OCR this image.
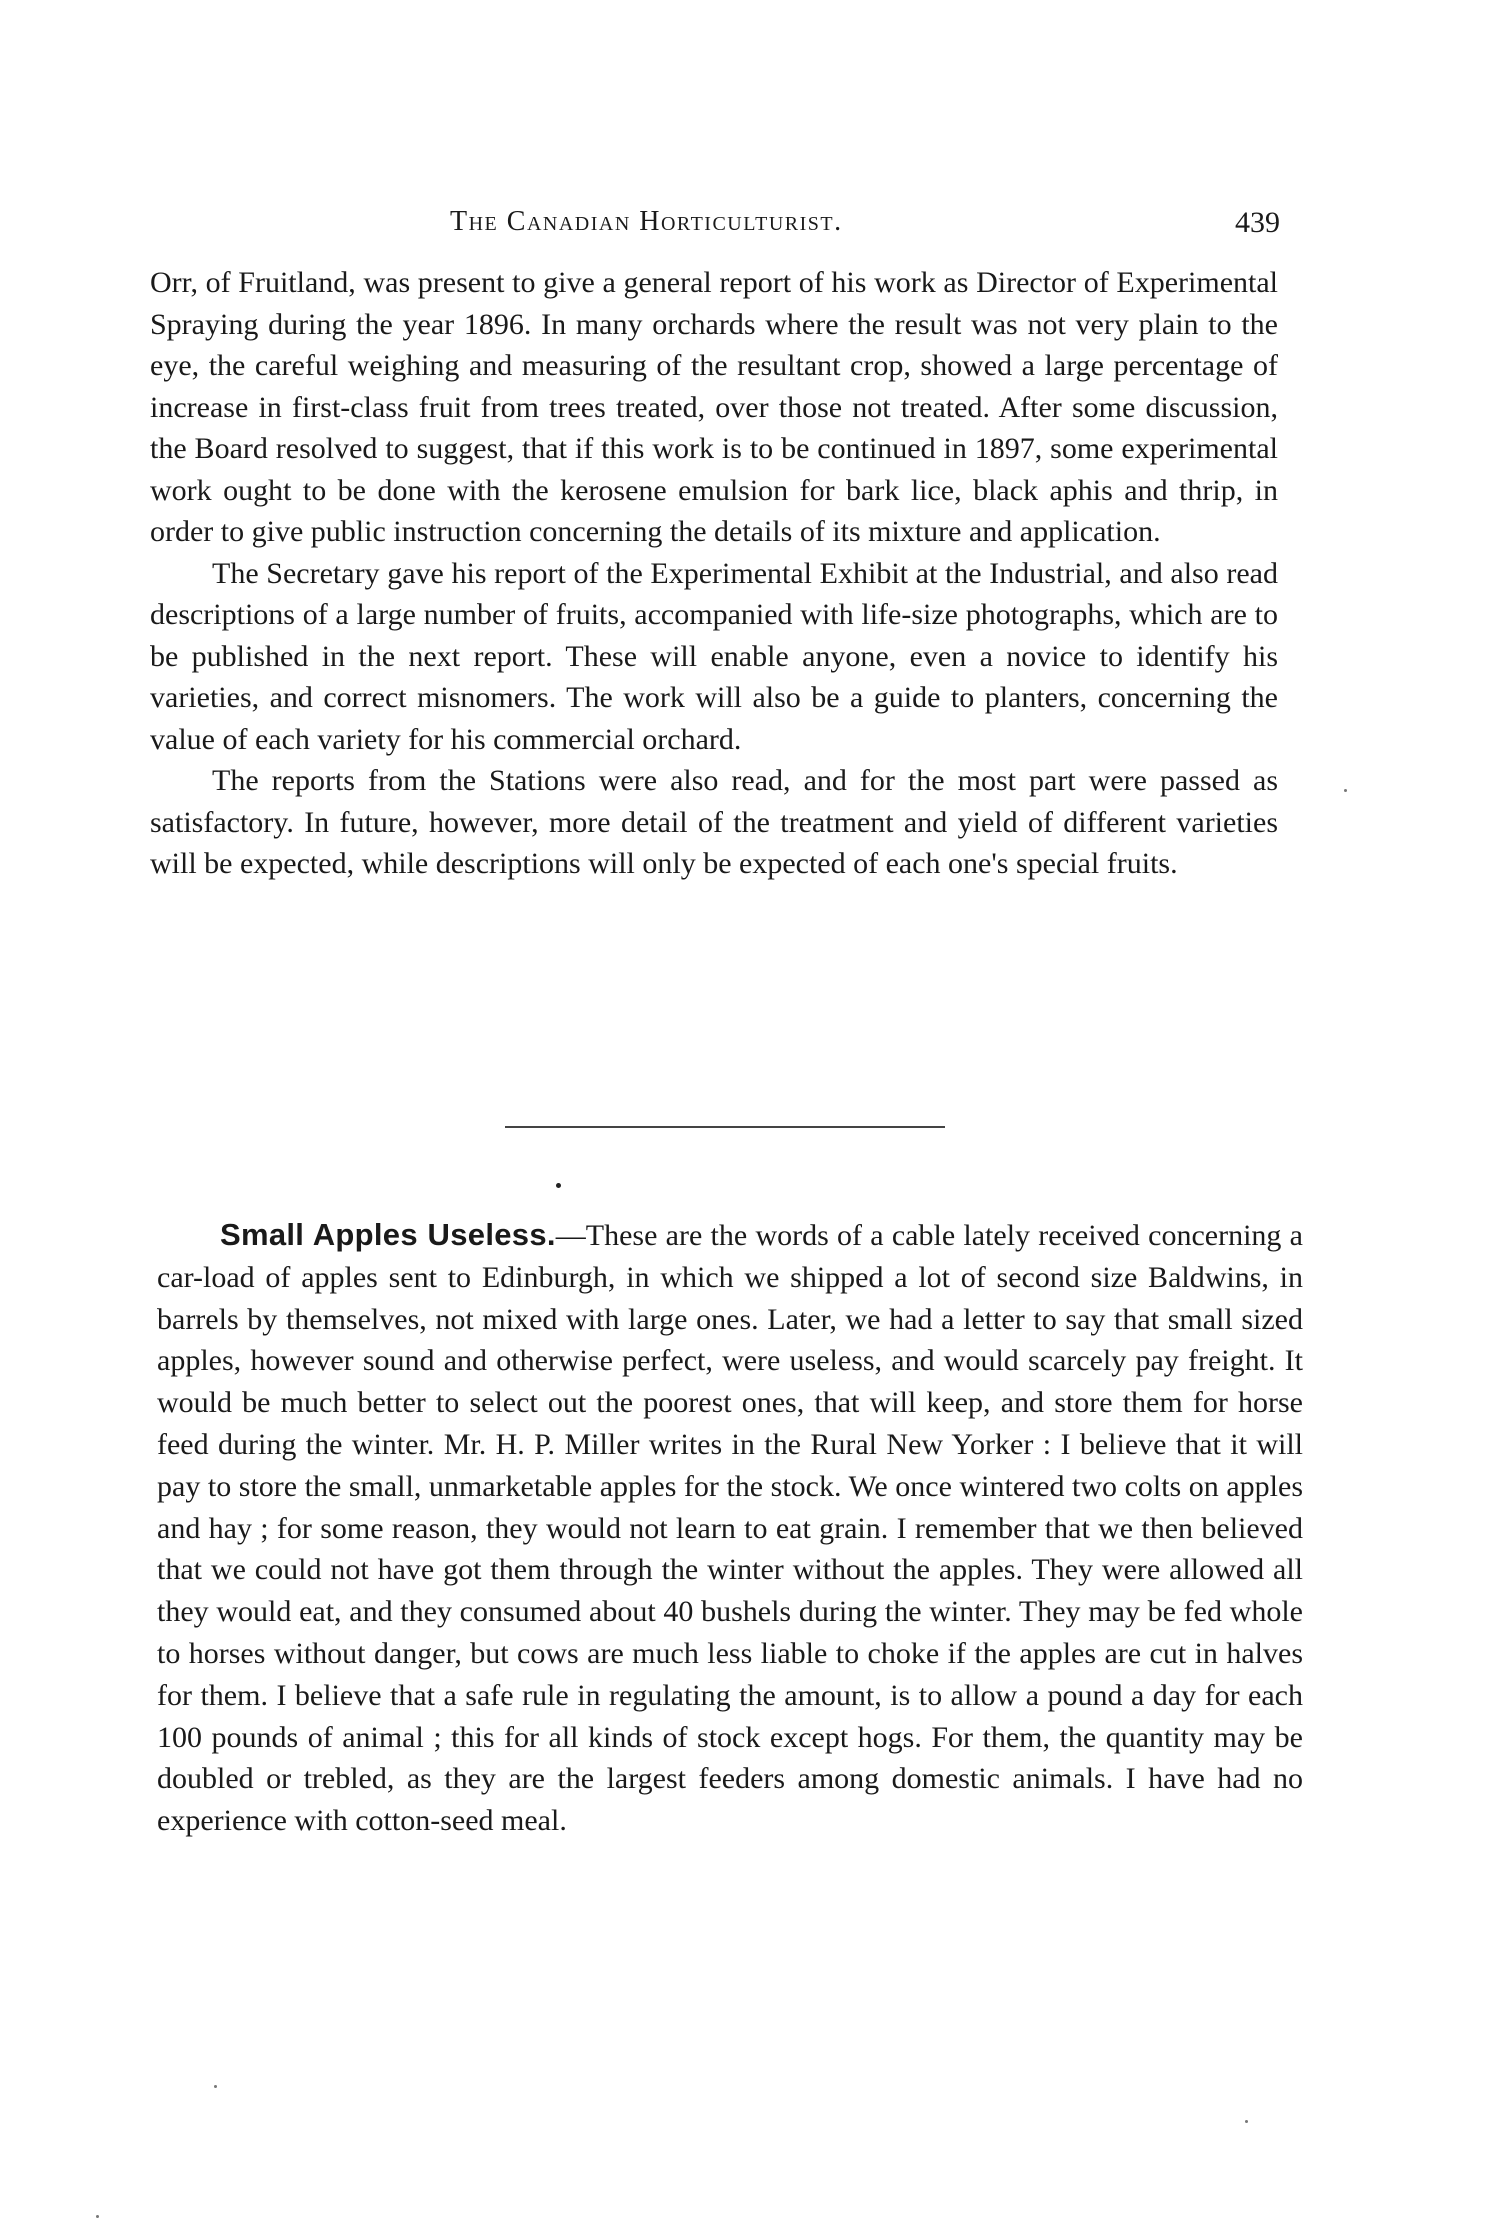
The Canadian Horticulturist.	439

Orr, of Fruitland, was present to give a general report of his work as Director of Experimental Spraying during the year 1896. In many orchards where the result was not very plain to the eye, the careful weighing and measuring of the resultant crop, showed a large percentage of increase in first-class fruit from trees treated, over those not treated. After some discussion, the Board resolved to suggest, that if this work is to be continued in 1897, some experimental work ought to be done with the kerosene emulsion for bark lice, black aphis and thrip, in order to give public instruction concerning the details of its mixture and application.

The Secretary gave his report of the Experimental Exhibit at the Industrial, and also read descriptions of a large number of fruits, accompanied with life-size photographs, which are to be published in the next report. These will enable anyone, even a novice to identify his varieties, and correct misnomers. The work will also be a guide to planters, concerning the value of each variety for his commercial orchard.

The reports from the Stations were also read, and for the most part were passed as satisfactory. In future, however, more detail of the treatment and yield of different varieties will be expected, while descriptions will only be expected of each one's special fruits.

Small Apples Useless.—These are the words of a cable lately received concerning a car-load of apples sent to Edinburgh, in which we shipped a lot of second size Baldwins, in barrels by themselves, not mixed with large ones. Later, we had a letter to say that small sized apples, however sound and otherwise perfect, were useless, and would scarcely pay freight. It would be much better to select out the poorest ones, that will keep, and store them for horse feed during the winter. Mr. H. P. Miller writes in the Rural New Yorker : I believe that it will pay to store the small, unmarketable apples for the stock. We once wintered two colts on apples and hay ; for some reason, they would not learn to eat grain. I remember that we then believed that we could not have got them through the winter without the apples. They were allowed all they would eat, and they consumed about 40 bushels during the winter. They may be fed whole to horses without danger, but cows are much less liable to choke if the apples are cut in halves for them. I believe that a safe rule in regulating the amount, is to allow a pound a day for each 100 pounds of animal ; this for all kinds of stock except hogs. For them, the quantity may be doubled or trebled, as they are the largest feeders among domestic animals. I have had no experience with cotton-seed meal.
